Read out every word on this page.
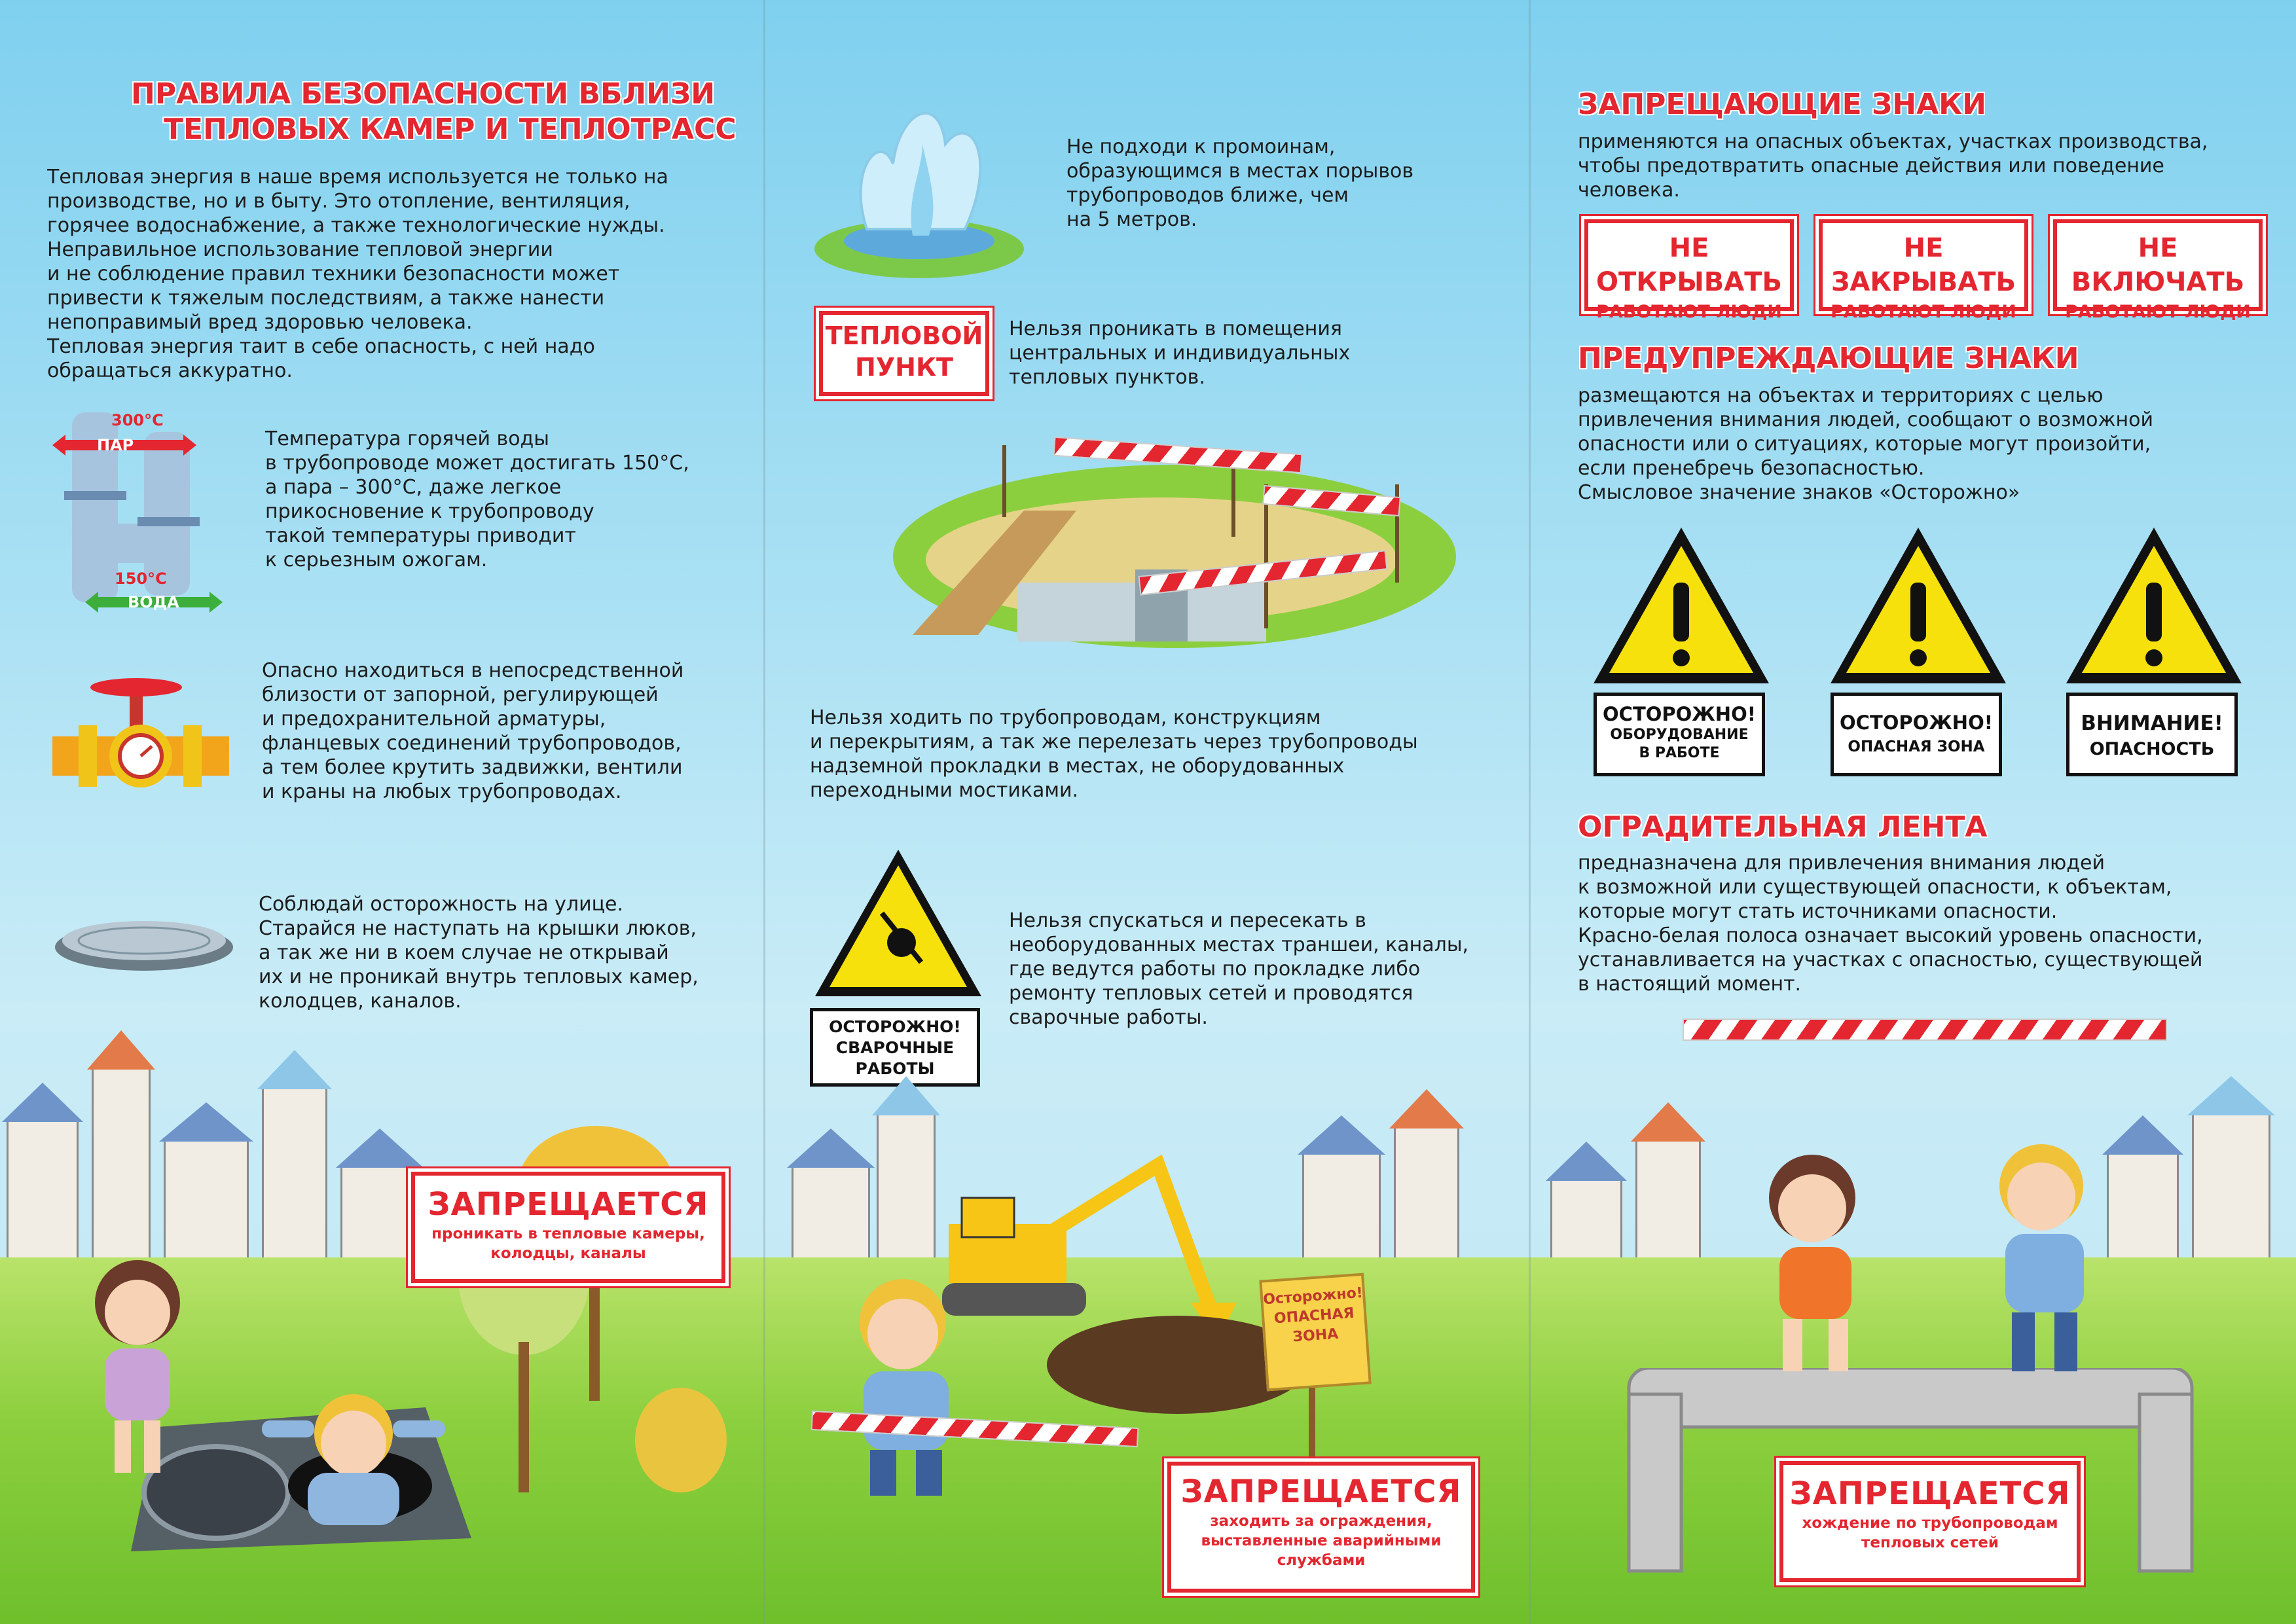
ПРАВИЛА БЕЗОПАСНОСТИ ВБЛИЗИ
ТЕПЛОВЫХ КАМЕР И ТЕПЛОТРАСС
Тепловая энергия в наше время используется не только на
производстве, но и в быту. Это отопление, вентиляция,
горячее водоснабжение, а также технологические нужды.
Неправильное использование тепловой энергии
и не соблюдение правил техники безопасности может
привести к тяжелым последствиям, а также нанести
непоправимый вред здоровью человека.
Тепловая энергия таит в себе опасность, с ней надо
обращаться аккуратно.
300°C
ПАР
150°C
ВОДА
Температура горячей воды
в трубопроводе может достигать 150°C,
а пара – 300°C, даже легкое
прикосновение к трубопроводу
такой температуры приводит
к серьезным ожогам.
Опасно находиться в непосредственной
близости от запорной, регулирующей
и предохранительной арматуры,
фланцевых соединений трубопроводов,
а тем более крутить задвижки, вентили
и краны на любых трубопроводах.
Соблюдай осторожность на улице.
Старайся не наступать на крышки люков,
а так же ни в коем случае не открывай
их и не проникай внутрь тепловых камер,
колодцев, каналов.
ЗАПРЕЩАЕТСЯ
проникать в тепловые камеры,
колодцы, каналы
Не подходи к промоинам,
образующимся в местах порывов
трубопроводов ближе, чем
на 5 метров.
ТЕПЛОВОЙ
ПУНКТ
Нельзя проникать в помещения
центральных и индивидуальных
тепловых пунктов.
Нельзя ходить по трубопроводам, конструкциям
и перекрытиям, а так же перелезать через трубопроводы
надземной прокладки в местах, не оборудованных
переходными мостиками.
ОСТОРОЖНО!
СВАРОЧНЫЕ
РАБОТЫ
Нельзя спускаться и пересекать в
необорудованных местах траншеи, каналы,
где ведутся работы по прокладке либо
ремонту тепловых сетей и проводятся
сварочные работы.
Осторожно!
ОПАСНАЯ
ЗОНА
ЗАПРЕЩАЕТСЯ
заходить за ограждения,
выставленные аварийными
службами
ЗАПРЕЩАЮЩИЕ ЗНАКИ
применяются на опасных объектах, участках производства,
чтобы предотвратить опасные действия или поведение
человека.
НЕ ОТКРЫВАТЬ
РАБОТАЮТ ЛЮДИ
НЕ ЗАКРЫВАТЬ
РАБОТАЮТ ЛЮДИ
НЕ ВКЛЮЧАТЬ
РАБОТАЮТ ЛЮДИ
ПРЕДУПРЕЖДАЮЩИЕ ЗНАКИ
размещаются на объектах и территориях с целью
привлечения внимания людей, сообщают о возможной
опасности или о ситуациях, которые могут произойти,
если пренебречь безопасностью.
Смысловое значение знаков «Осторожно»
ОСТОРОЖНО!
ОБОРУДОВАНИЕ
В РАБОТЕ
ОСТОРОЖНО!
ОПАСНАЯ ЗОНА
ВНИМАНИЕ!
ОПАСНОСТЬ
ОГРАДИТЕЛЬНАЯ ЛЕНТА
предназначена для привлечения внимания людей
к возможной или существующей опасности, к объектам,
которые могут стать источниками опасности.
Красно-белая полоса означает высокий уровень опасности,
устанавливается на участках с опасностью, существующей
в настоящий момент.
ЗАПРЕЩАЕТСЯ
хождение по трубопроводам
тепловых сетей
